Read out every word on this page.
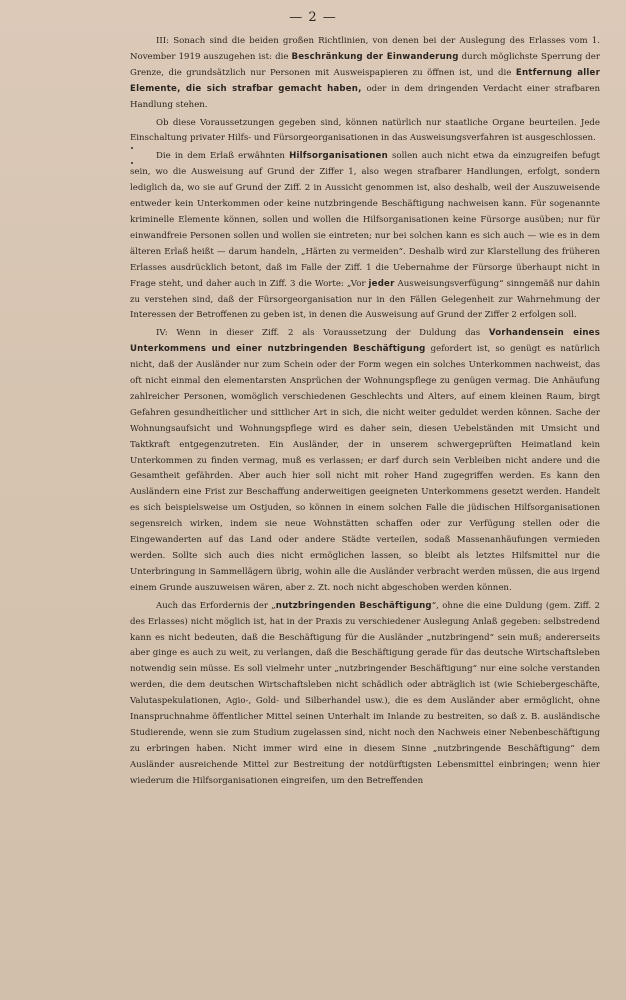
— 2 —

III: Sonach sind die beiden großen Richtlinien, von denen bei der Auslegung des Erlasses vom 1. November 1919 auszugehen ist: die Beschränkung der Einwanderung durch möglichste Sperrung der Grenze, die grundsätzlich nur Personen mit Ausweispapieren zu öffnen ist, und die Entfernung aller Elemente, die sich strafbar gemacht haben, oder in dem dringenden Verdacht einer strafbaren Handlung stehen.

Ob diese Voraussetzungen gegeben sind, können natürlich nur staatliche Organe beurteilen. Jede Einschaltung privater Hilfs- und Fürsorgeorganisationen in das Ausweisungsverfahren ist ausgeschlossen.

Die in dem Erlaß erwähnten Hilfsorganisationen sollen auch nicht etwa da einzugreifen befugt sein, wo die Ausweisung auf Grund der Ziffer 1, also wegen strafbarer Handlungen, erfolgt, sondern lediglich da, wo sie auf Grund der Ziff. 2 in Aussicht genommen ist, also deshalb, weil der Auszuweisende entweder kein Unterkommen oder keine nutzbringende Beschäftigung nachweisen kann. Für sogenannte kriminelle Elemente können, sollen und wollen die Hilfsorganisationen keine Fürsorge ausüben; nur für einwandfreie Personen sollen und wollen sie eintreten; nur bei solchen kann es sich auch — wie es in dem älteren Erlaß heißt — darum handeln, „Härten zu vermeiden“. Deshalb wird zur Klarstellung des früheren Erlasses ausdrücklich betont, daß im Falle der Ziff. 1 die Uebernahme der Fürsorge überhaupt nicht in Frage steht, und daher auch in Ziff. 3 die Worte: „Vor jeder Ausweisungsverfügung“ sinngemäß nur dahin zu verstehen sind, daß der Fürsorgeorganisation nur in den Fällen Gelegenheit zur Wahrnehmung der Interessen der Betroffenen zu geben ist, in denen die Ausweisung auf Grund der Ziffer 2 erfolgen soll.

IV: Wenn in dieser Ziff. 2 als Voraussetzung der Duldung das Vorhandensein eines Unterkommens und einer nutzbringenden Beschäftigung gefordert ist, so genügt es natürlich nicht, daß der Ausländer nur zum Schein oder der Form wegen ein solches Unterkommen nachweist, das oft nicht einmal den elementarsten Ansprüchen der Wohnungspflege zu genügen vermag. Die Anhäufung zahlreicher Personen, womöglich verschiedenen Geschlechts und Alters, auf einem kleinen Raum, birgt Gefahren gesundheitlicher und sittlicher Art in sich, die nicht weiter geduldet werden können. Sache der Wohnungsaufsicht und Wohnungspflege wird es daher sein, diesen Uebelständen mit Umsicht und Taktkraft entgegenzutreten. Ein Ausländer, der in unserem schwergeprüften Heimatland kein Unterkommen zu finden vermag, muß es verlassen; er darf durch sein Verbleiben nicht andere und die Gesamtheit gefährden. Aber auch hier soll nicht mit roher Hand zugegriffen werden. Es kann den Ausländern eine Frist zur Beschaffung anderweitigen geeigneten Unterkommens gesetzt werden. Handelt es sich beispielsweise um Ostjuden, so können in einem solchen Falle die jüdischen Hilfsorganisationen segensreich wirken, indem sie neue Wohnstätten schaffen oder zur Verfügung stellen oder die Eingewanderten auf das Land oder andere Städte verteilen, sodaß Massenanhäufungen vermieden werden. Sollte sich auch dies nicht ermöglichen lassen, so bleibt als letztes Hilfsmittel nur die Unterbringung in Sammellägern übrig, wohin alle die Ausländer verbracht werden müssen, die aus irgend einem Grunde auszuweisen wären, aber z. Zt. noch nicht abgeschoben werden können.

Auch das Erfordernis der „nutzbringenden Beschäftigung“, ohne die eine Duldung (gem. Ziff. 2 des Erlasses) nicht möglich ist, hat in der Praxis zu verschiedener Auslegung Anlaß gegeben: selbstredend kann es nicht bedeuten, daß die Beschäftigung für die Ausländer „nutzbringend“ sein muß; andererseits aber ginge es auch zu weit, zu verlangen, daß die Beschäftigung gerade für das deutsche Wirtschaftsleben notwendig sein müsse. Es soll vielmehr unter „nutzbringender Beschäftigung“ nur eine solche verstanden werden, die dem deutschen Wirtschaftsleben nicht schädlich oder abträglich ist (wie Schiebergeschäfte, Valutaspekulationen, Agio-, Gold- und Silberhandel usw.), die es dem Ausländer aber ermöglicht, ohne Inanspruchnahme öffentlicher Mittel seinen Unterhalt im Inlande zu bestreiten, so daß z. B. ausländische Studierende, wenn sie zum Studium zugelassen sind, nicht noch den Nachweis einer Nebenbeschäftigung zu erbringen haben. Nicht immer wird eine in diesem Sinne „nutzbringende Beschäftigung“ dem Ausländer ausreichende Mittel zur Bestreitung der notdürftigsten Lebensmittel einbringen; wenn hier wiederum die Hilfsorganisationen eingreifen, um den Betreffenden
